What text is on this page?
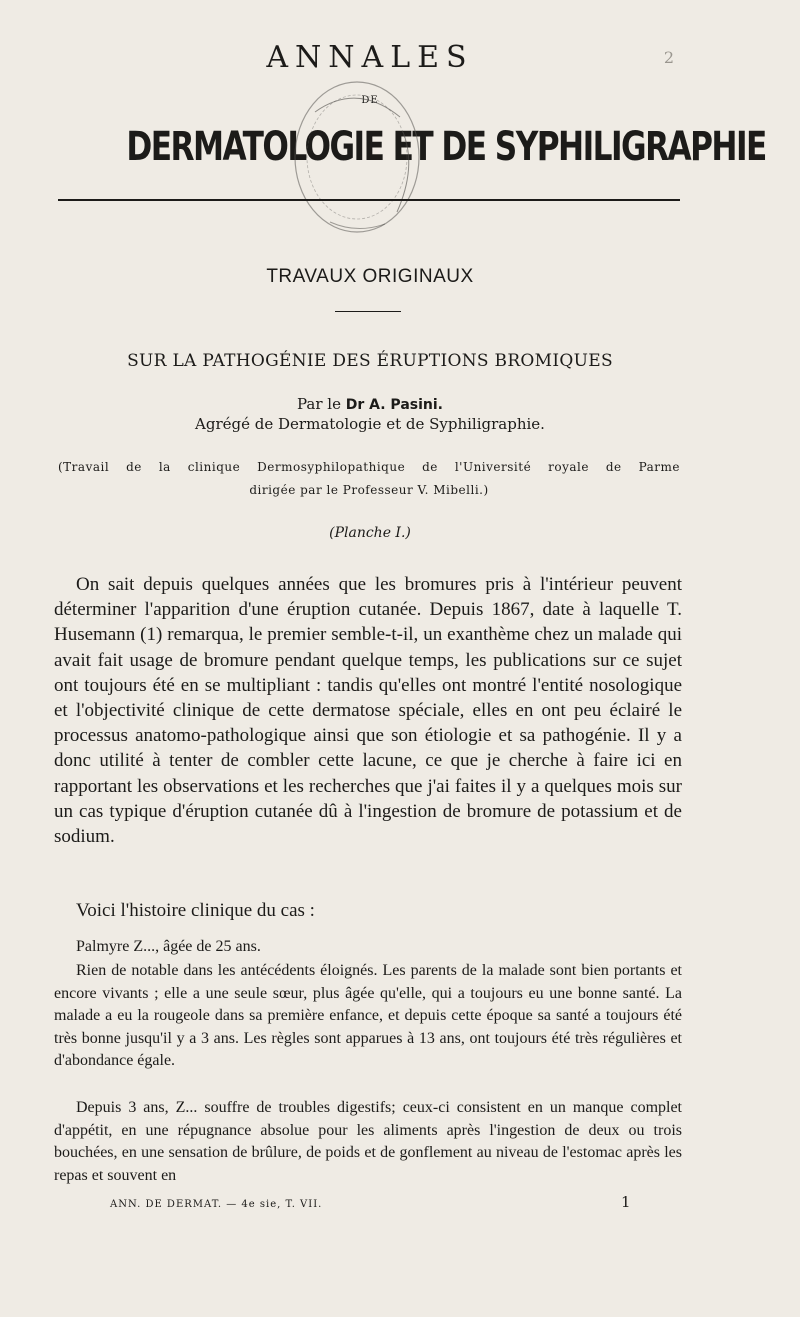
2
ANNALES
DE
DERMATOLOGIE ET DE SYPHILIGRAPHIE
TRAVAUX ORIGINAUX
SUR LA PATHOGÉNIE DES ÉRUPTIONS BROMIQUES
Par le Dr A. Pasini.
Agrégé de Dermatologie et de Syphiligraphie.
(Travail de la clinique Dermosyphilopathique de l'Université royale de Parme
dirigée par le Professeur V. Mibelli.)
(Planche I.)

On sait depuis quelques années que les bromures pris à l'intérieur peuvent déterminer l'apparition d'une éruption cutanée. Depuis 1867, date à laquelle T. Husemann (1) remarqua, le premier semble-t-il, un exanthème chez un malade qui avait fait usage de bromure pendant quelque temps, les publications sur ce sujet ont toujours été en se multipliant : tandis qu'elles ont montré l'entité nosologique et l'objectivité clinique de cette dermatose spéciale, elles en ont peu éclairé le processus anatomo-pathologique ainsi que son étiologie et sa pathogénie. Il y a donc utilité à tenter de combler cette lacune, ce que je cherche à faire ici en rapportant les observations et les recherches que j'ai faites il y a quelques mois sur un cas typique d'éruption cutanée dû à l'ingestion de bromure de potassium et de sodium.

Voici l'histoire clinique du cas :

Palmyre Z..., âgée de 25 ans.

Rien de notable dans les antécédents éloignés. Les parents de la malade sont bien portants et encore vivants ; elle a une seule sœur, plus âgée qu'elle, qui a toujours eu une bonne santé. La malade a eu la rougeole dans sa première enfance, et depuis cette époque sa santé a toujours été très bonne jusqu'il y a 3 ans. Les règles sont apparues à 13 ans, ont toujours été très régulières et d'abondance égale.

Depuis 3 ans, Z... souffre de troubles digestifs; ceux-ci consistent en un manque complet d'appétit, en une répugnance absolue pour les aliments après l'ingestion de deux ou trois bouchées, en une sensation de brûlure, de poids et de gonflement au niveau de l'estomac après les repas et souvent en

ANN. DE DERMAT. — 4e sie, T. VII.	1
